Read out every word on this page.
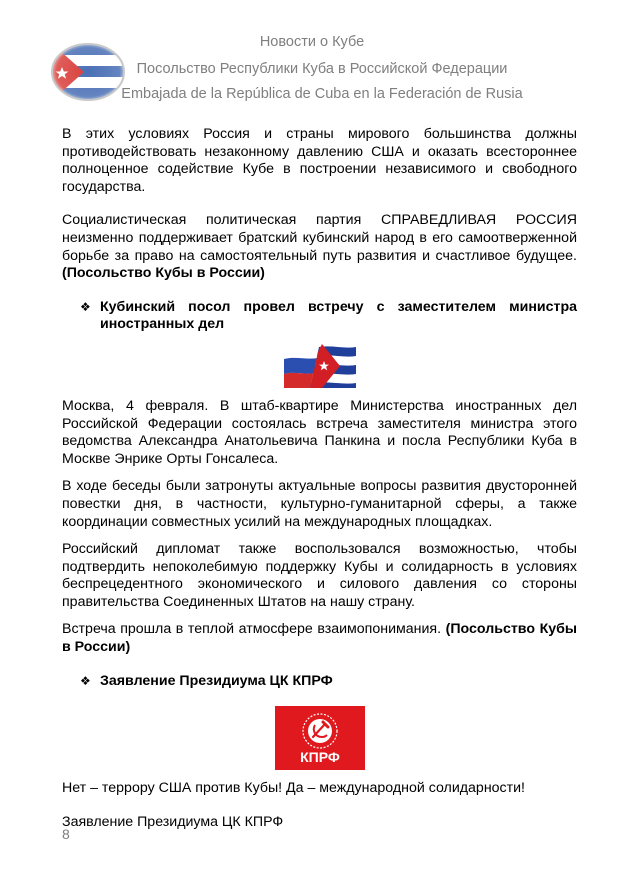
Новости о Кубе
Посольство Республики Куба в Российской Федерации
Embajada de la República de Cuba en la Federación de Rusia

В этих условиях Россия и страны мирового большинства должны противодействовать незаконному давлению США и оказать всестороннее полноценное содействие Кубе в построении независимого и свободного государства.

Социалистическая политическая партия СПРАВЕДЛИВАЯ РОССИЯ неизменно поддерживает братский кубинский народ в его самоотверженной борьбе за право на самостоятельный путь развития и счастливое будущее. (Посольство Кубы в России)

❖ Кубинский посол провел встречу с заместителем министра иностранных дел

Москва, 4 февраля. В штаб-квартире Министерства иностранных дел Российской Федерации состоялась встреча заместителя министра этого ведомства Александра Анатольевича Панкина и посла Республики Куба в Москве Энрике Орты Гонсалеса.

В ходе беседы были затронуты актуальные вопросы развития двусторонней повестки дня, в частности, культурно-гуманитарной сферы, а также координации совместных усилий на международных площадках.

Российский дипломат также воспользовался возможностью, чтобы подтвердить непоколебимую поддержку Кубы и солидарность в условиях беспрецедентного экономического и силового давления со стороны правительства Соединенных Штатов на нашу страну.

Встреча прошла в теплой атмосфере взаимопонимания. (Посольство Кубы в России)

❖ Заявление Президиума ЦК КПРФ
КПРФ

Нет – террору США против Кубы! Да – международной солидарности!

Заявление Президиума ЦК КПРФ

8
